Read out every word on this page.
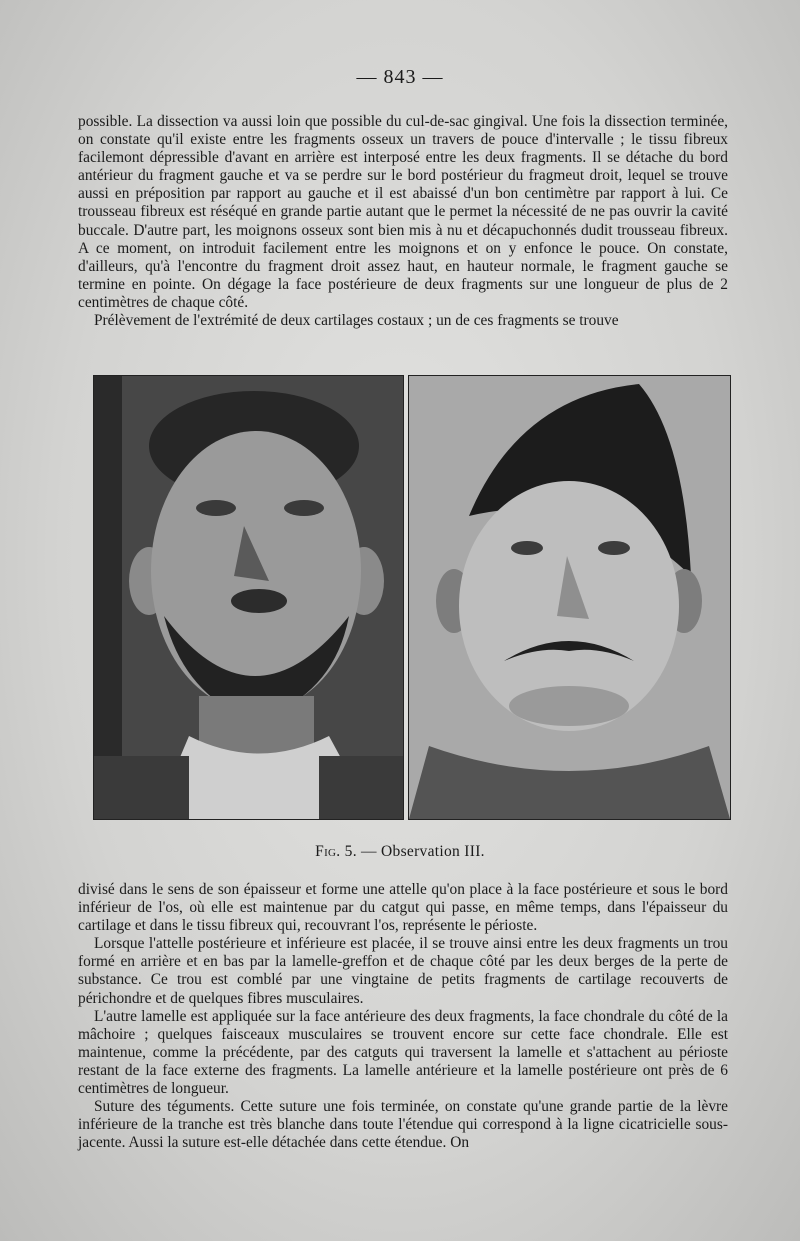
— 843 —

possible. La dissection va aussi loin que possible du cul-de-sac gingival. Une fois la dissection terminée, on constate qu'il existe entre les fragments osseux un travers de pouce d'intervalle ; le tissu fibreux facilemont dépressible d'avant en arrière est interposé entre les deux fragments. Il se détache du bord antérieur du fragment gauche et va se perdre sur le bord postérieur du fragmeut droit, lequel se trouve aussi en préposition par rapport au gauche et il est abaissé d'un bon centimètre par rapport à lui. Ce trousseau fibreux est réséqué en grande partie autant que le permet la nécessité de ne pas ouvrir la cavité buccale. D'autre part, les moignons osseux sont bien mis à nu et décapuchonnés dudit trousseau fibreux. A ce moment, on introduit facilement entre les moignons et on y enfonce le pouce. On constate, d'ailleurs, qu'à l'encontre du fragment droit assez haut, en hauteur normale, le fragment gauche se termine en pointe. On dégage la face postérieure de deux fragments sur une longueur de plus de 2 centimètres de chaque côté.

Prélèvement de l'extrémité de deux cartilages costaux ; un de ces fragments se trouve

Fig. 5. — Observation III.

divisé dans le sens de son épaisseur et forme une attelle qu'on place à la face postérieure et sous le bord inférieur de l'os, où elle est maintenue par du catgut qui passe, en même temps, dans l'épaisseur du cartilage et dans le tissu fibreux qui, recouvrant l'os, représente le périoste.

Lorsque l'attelle postérieure et inférieure est placée, il se trouve ainsi entre les deux fragments un trou formé en arrière et en bas par la lamelle-greffon et de chaque côté par les deux berges de la perte de substance. Ce trou est comblé par une vingtaine de petits fragments de cartilage recouverts de périchondre et de quelques fibres musculaires.

L'autre lamelle est appliquée sur la face antérieure des deux fragments, la face chondrale du côté de la mâchoire ; quelques faisceaux musculaires se trouvent encore sur cette face chondrale. Elle est maintenue, comme la précédente, par des catguts qui traversent la lamelle et s'attachent au périoste restant de la face externe des fragments. La lamelle antérieure et la lamelle postérieure ont près de 6 centimètres de longueur.

Suture des téguments. Cette suture une fois terminée, on constate qu'une grande partie de la lèvre inférieure de la tranche est très blanche dans toute l'étendue qui correspond à la ligne cicatricielle sous-jacente. Aussi la suture est-elle détachée dans cette étendue. On
